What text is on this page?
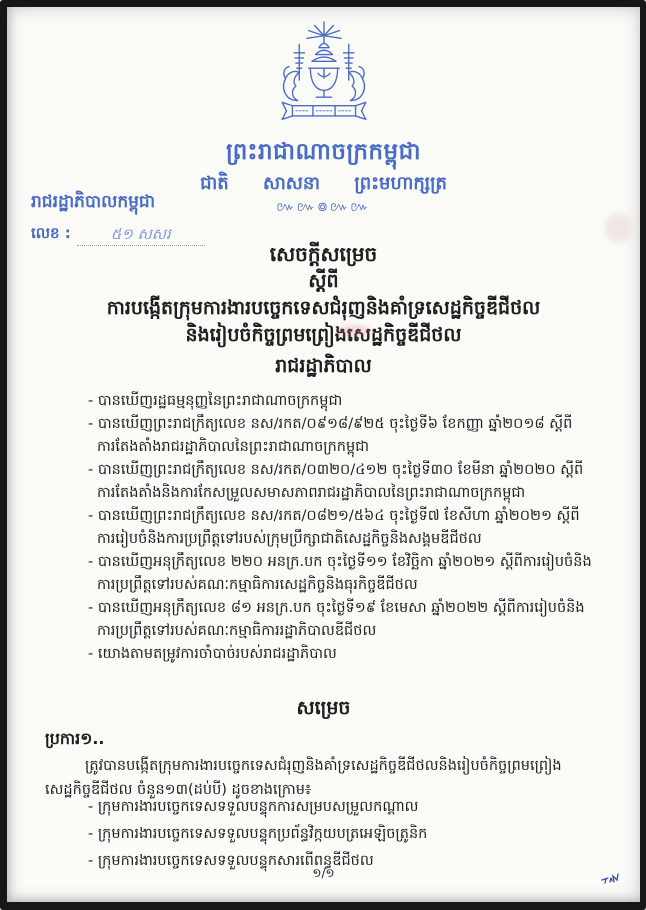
ព្រះរាជាណាចក្រកម្ពុជា
ជាតិ សាសនា ព្រះមហាក្សត្រ
៚៚៙៚៚
រាជរដ្ឋាភិបាលកម្ពុជា
លេខ :	៥១ សសរ
សេចក្តីសម្រេច
ស្តីពី
ការបង្កើតក្រុមការងារបច្ចេកទេសជំរុញនិងគាំទ្រសេដ្ឋកិច្ចឌីជីថល
និងរៀបចំកិច្ចព្រមព្រៀងសេដ្ឋកិច្ចឌីជីថល
រាជរដ្ឋាភិបាល
- បានឃើញរដ្ឋធម្មនុញ្ញនៃព្រះរាជាណាចក្រកម្ពុជា
- បានឃើញព្រះរាជក្រឹត្យលេខ នស/រកត/០៩១៨/៩២៥ ចុះថ្ងៃទី៦ ខែកញ្ញា ឆ្នាំ២០១៨ ស្តីពី
ការតែងតាំងរាជរដ្ឋាភិបាលនៃព្រះរាជាណាចក្រកម្ពុជា
- បានឃើញព្រះរាជក្រឹត្យលេខ នស/រកត/០៣២០/៤១២ ចុះថ្ងៃទី៣០ ខែមីនា ឆ្នាំ២០២០ ស្តីពី
ការតែងតាំងនិងការកែសម្រួលសមាសភាពរាជរដ្ឋាភិបាលនៃព្រះរាជាណាចក្រកម្ពុជា
- បានឃើញព្រះរាជក្រឹត្យលេខ នស/រកត/០៨២១/៥៦៤ ចុះថ្ងៃទី៧ ខែសីហា ឆ្នាំ២០២១ ស្តីពី
ការរៀបចំនិងការប្រព្រឹត្តទៅរបស់ក្រុមប្រឹក្សាជាតិសេដ្ឋកិច្ចនិងសង្គមឌីជីថល
- បានឃើញអនុក្រឹត្យលេខ ២២០ អនក្រ.បក ចុះថ្ងៃទី១១ ខែវិច្ឆិកា ឆ្នាំ២០២១ ស្តីពីការរៀបចំនិង
ការប្រព្រឹត្តទៅរបស់គណៈកម្មាធិការសេដ្ឋកិច្ចនិងធុរកិច្ចឌីជីថល
- បានឃើញអនុក្រឹត្យលេខ ៨១ អនក្រ.បក ចុះថ្ងៃទី១៩ ខែមេសា ឆ្នាំ២០២២ ស្តីពីការរៀបចំនិង
ការប្រព្រឹត្តទៅរបស់គណៈកម្មាធិការរដ្ឋាភិបាលឌីជីថល
- យោងតាមតម្រូវការចាំបាច់របស់រាជរដ្ឋាភិបាល
សម្រេច
ប្រការ១..
ត្រូវបានបង្កើតក្រុមការងារបច្ចេកទេសជំរុញនិងគាំទ្រសេដ្ឋកិច្ចឌីជីថលនិងរៀបចំកិច្ចព្រមព្រៀង
សេដ្ឋកិច្ចឌីជីថល ចំនួន១៣(ដប់បី) ដូចខាងក្រោម៖
- ក្រុមការងារបច្ចេកទេសទទួលបន្ទុកការសម្របសម្រួលកណ្តាល
- ក្រុមការងារបច្ចេកទេសទទួលបន្ទុកប្រព័ន្ធវិក្កយបត្រអេឡិចត្រូនិក
- ក្រុមការងារបច្ចេកទេសទទួលបន្ទុកសារពើពន្ធឌីជីថល
១/១
